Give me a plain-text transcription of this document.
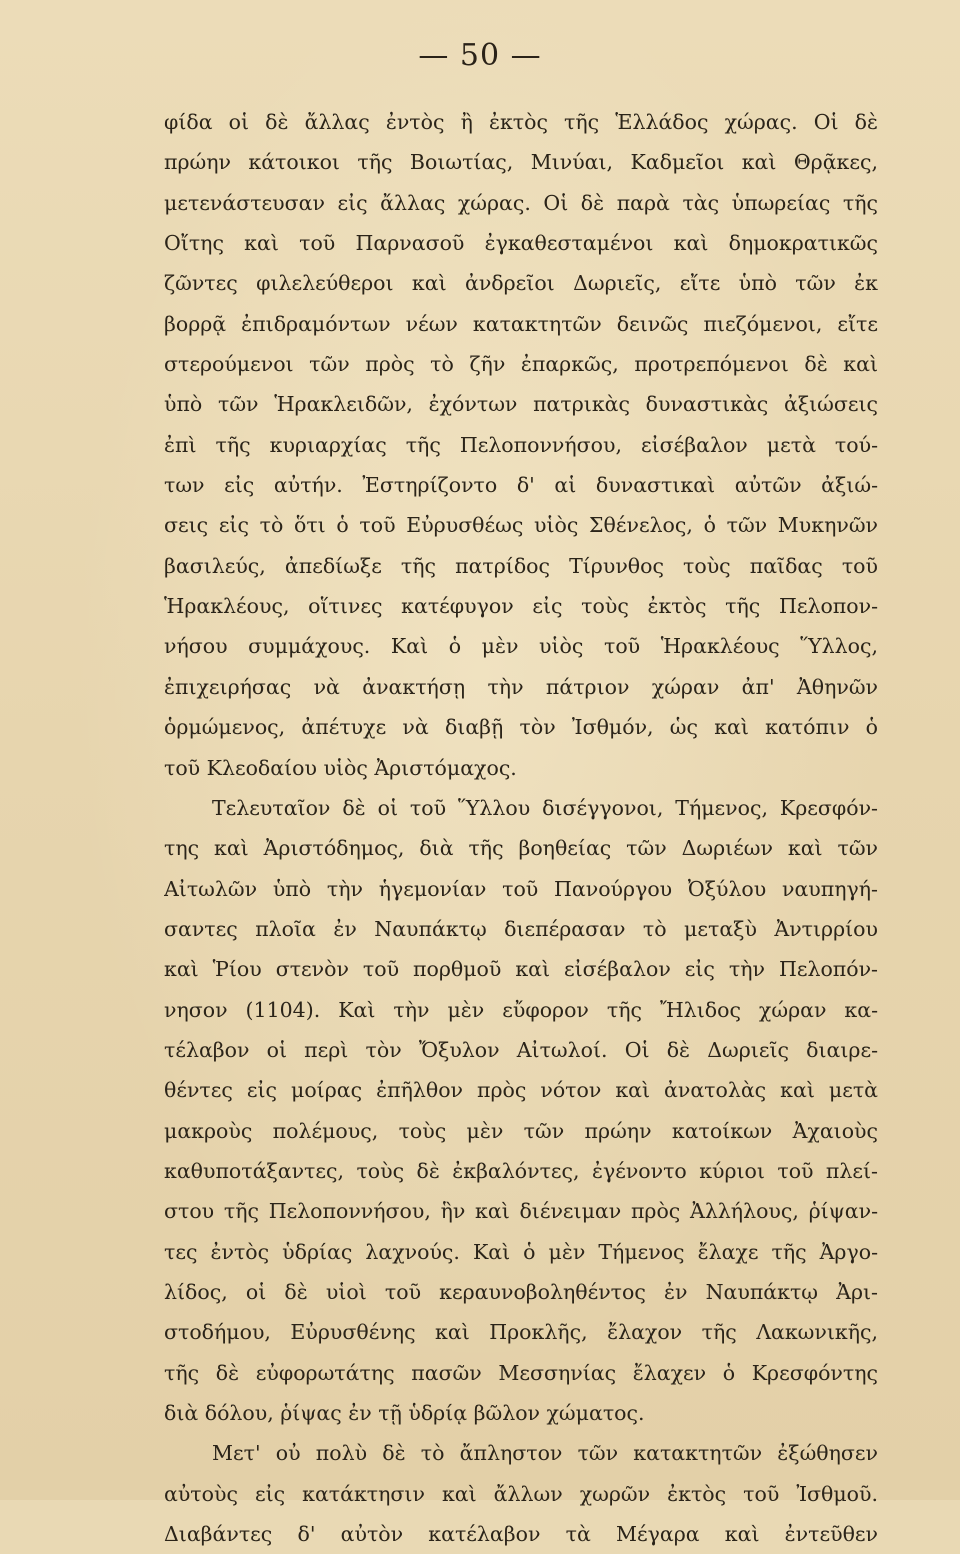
— 50 —
φίδα οἱ δὲ ἄλλας ἐντὸς ἢ ἐκτὸς τῆς Ἑλλάδος χώρας. Οἱ δὲ
πρώην κάτοικοι τῆς Βοιωτίας, Μινύαι, Καδμεῖοι καὶ Θρᾷκες,
μετενάστευσαν εἰς ἄλλας χώρας. Οἱ δὲ παρὰ τὰς ὑπωρείας τῆς
Οἴτης καὶ τοῦ Παρνασοῦ ἐγκαθεσταμένοι καὶ δημοκρατικῶς
ζῶντες φιλελεύθεροι καὶ ἀνδρεῖοι Δωριεῖς, εἴτε ὑπὸ τῶν ἐκ
βορρᾷ ἐπιδραμόντων νέων κατακτητῶν δεινῶς πιεζόμενοι, εἴτε
στερούμενοι τῶν πρὸς τὸ ζῆν ἐπαρκῶς, προτρεπόμενοι δὲ καὶ
ὑπὸ τῶν Ἡρακλειδῶν, ἐχόντων πατρικὰς δυναστικὰς ἀξιώσεις
ἐπὶ τῆς κυριαρχίας τῆς Πελοποννήσου, εἰσέβαλον μετὰ τού-
των εἰς αὐτήν. Ἐστηρίζοντο δ' αἱ δυναστικαὶ αὐτῶν ἀξιώ-
σεις εἰς τὸ ὅτι ὁ τοῦ Εὐρυσθέως υἱὸς Σθένελος, ὁ τῶν Μυκηνῶν
βασιλεύς, ἀπεδίωξε τῆς πατρίδος Τίρυνθος τοὺς παῖδας τοῦ
Ἡρακλέους, οἵτινες κατέφυγον εἰς τοὺς ἐκτὸς τῆς Πελοπον-
νήσου συμμάχους. Καὶ ὁ μὲν υἱὸς τοῦ Ἡρακλέους Ὕλλος,
ἐπιχειρήσας νὰ ἀνακτήσῃ τὴν πάτριον χώραν ἀπ' Ἀθηνῶν
ὁρμώμενος, ἀπέτυχε νὰ διαβῇ τὸν Ἰσθμόν, ὡς καὶ κατόπιν ὁ
τοῦ Κλεοδαίου υἱὸς Ἀριστόμαχος.
Τελευταῖον δὲ οἱ τοῦ Ὕλλου δισέγγονοι, Τήμενος, Κρεσφόν-
της καὶ Ἀριστόδημος, διὰ τῆς βοηθείας τῶν Δωριέων καὶ τῶν
Αἰτωλῶν ὑπὸ τὴν ἡγεμονίαν τοῦ Πανούργου Ὀξύλου ναυπηγή-
σαντες πλοῖα ἐν Ναυπάκτῳ διεπέρασαν τὸ μεταξὺ Ἀντιρρίου
καὶ Ῥίου στενὸν τοῦ πορθμοῦ καὶ εἰσέβαλον εἰς τὴν Πελοπόν-
νησον (1104). Καὶ τὴν μὲν εὔφορον τῆς Ἤλιδος χώραν κα-
τέλαβον οἱ περὶ τὸν Ὄξυλον Αἰτωλοί. Οἱ δὲ Δωριεῖς διαιρε-
θέντες εἰς μοίρας ἐπῆλθον πρὸς νότον καὶ ἀνατολὰς καὶ μετὰ
μακροὺς πολέμους, τοὺς μὲν τῶν πρώην κατοίκων Ἀχαιοὺς
καθυποτάξαντες, τοὺς δὲ ἐκβαλόντες, ἐγένοντο κύριοι τοῦ πλεί-
στου τῆς Πελοποννήσου, ἣν καὶ διένειμαν πρὸς Ἀλλήλους, ῥίψαν-
τες ἐντὸς ὑδρίας λαχνούς. Καὶ ὁ μὲν Τήμενος ἔλαχε τῆς Ἀργο-
λίδος, οἱ δὲ υἱοὶ τοῦ κεραυνοβοληθέντος ἐν Ναυπάκτῳ Ἀρι-
στοδήμου, Εὐρυσθένης καὶ Προκλῆς, ἔλαχον τῆς Λακωνικῆς,
τῆς δὲ εὐφορωτάτης πασῶν Μεσσηνίας ἔλαχεν ὁ Κρεσφόντης
διὰ δόλου, ῥίψας ἐν τῇ ὑδρίᾳ βῶλον χώματος.
Μετ' οὐ πολὺ δὲ τὸ ἄπληστον τῶν κατακτητῶν ἐξώθησεν
αὐτοὺς εἰς κατάκτησιν καὶ ἄλλων χωρῶν ἐκτὸς τοῦ Ἰσθμοῦ.
Διαβάντες δ' αὐτὸν κατέλαβον τὰ Μέγαρα καὶ ἐντεῦθεν
